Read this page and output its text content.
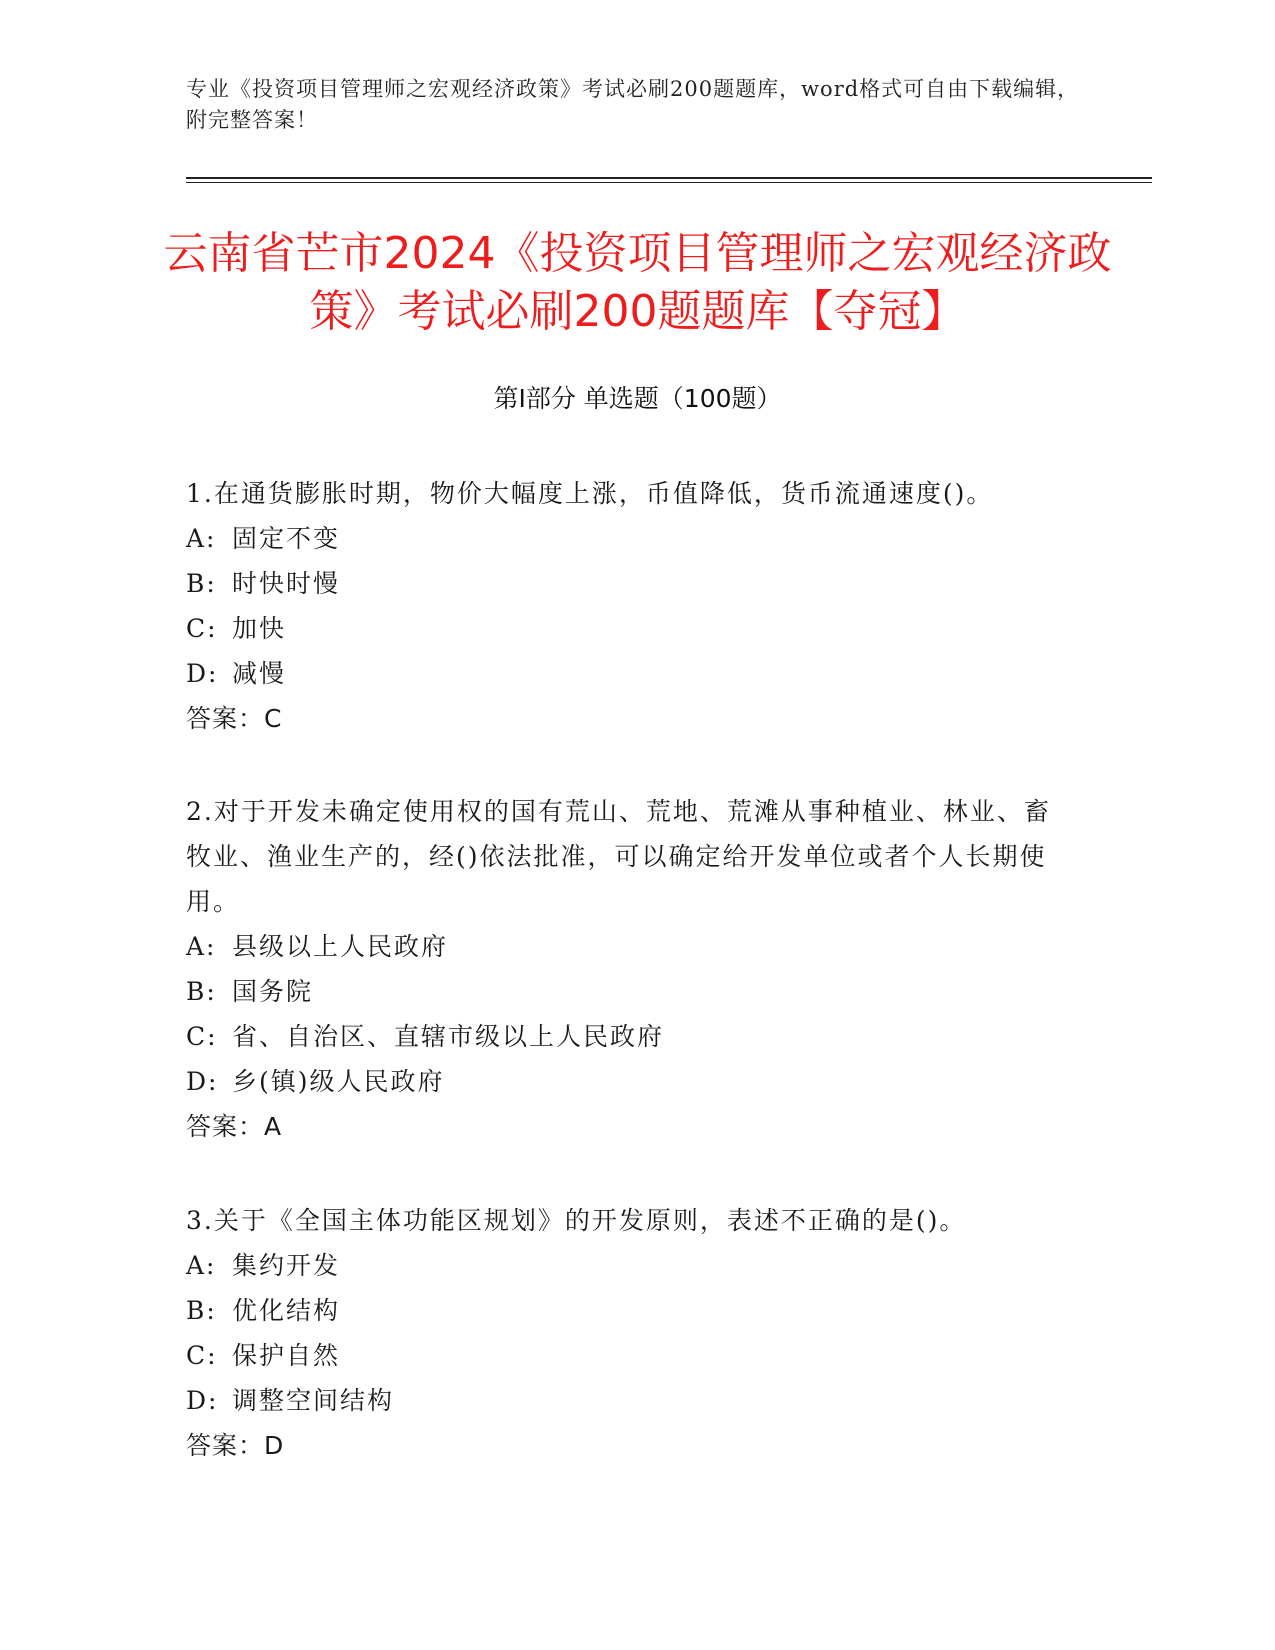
专业《投资项目管理师之宏观经济政策》考试必刷200题题库，word格式可自由下载编辑，附完整答案！
云南省芒市2024《投资项目管理师之宏观经济政策》考试必刷200题题库【夺冠】
第Ⅰ部分 单选题（100题）
1.在通货膨胀时期，物价大幅度上涨，币值降低，货币流通速度()。
A: 固定不变
B: 时快时慢
C: 加快
D: 减慢
答案：C
2.对于开发未确定使用权的国有荒山、荒地、荒滩从事种植业、林业、畜牧业、渔业生产的，经()依法批准，可以确定给开发单位或者个人长期使用。
A: 县级以上人民政府
B: 国务院
C: 省、自治区、直辖市级以上人民政府
D: 乡(镇)级人民政府
答案：A
3.关于《全国主体功能区规划》的开发原则，表述不正确的是()。
A: 集约开发
B: 优化结构
C: 保护自然
D: 调整空间结构
答案：D
